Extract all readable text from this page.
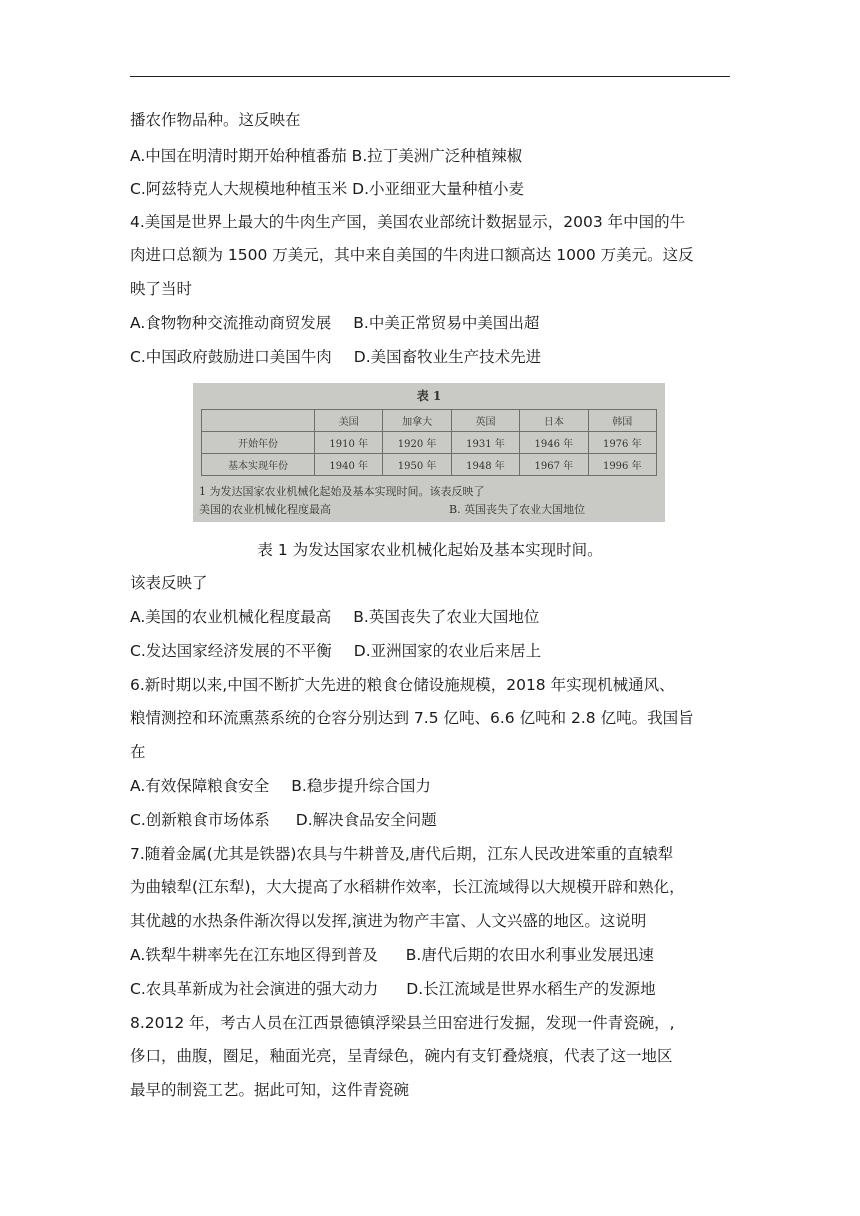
播农作物品种。这反映在
A.中国在明清时期开始种植番茄 B.拉丁美洲广泛种植辣椒
C.阿兹特克人大规模地种植玉米 D.小亚细亚大量种植小麦
4.美国是世界上最大的牛肉生产国，美国农业部统计数据显示，2003 年中国的牛
肉进口总额为 1500 万美元，其中来自美国的牛肉进口额高达 1000 万美元。这反
映了当时
A.食物物种交流推动商贸发展 B.中美正常贸易中美国出超
C.中国政府鼓励进口美国牛肉 D.美国畜牧业生产技术先进
表 1
	美国	加拿大	英国	日本	韩国
开始年份	1910 年	1920 年	1931 年	1946 年	1976 年
基本实现年份	1940 年	1950 年	1948 年	1967 年	1996 年
1 为发达国家农业机械化起始及基本实现时间。该表反映了
美国的农业机械化程度最高	B. 英国丧失了农业大国地位
表 1 为发达国家农业机械化起始及基本实现时间。
该表反映了
A.美国的农业机械化程度最高 B.英国丧失了农业大国地位
C.发达国家经济发展的不平衡 D.亚洲国家的农业后来居上
6.新时期以来,中国不断扩大先进的粮食仓储设施规模，2018 年实现机械通风、
粮情测控和环流熏蒸系统的仓容分别达到 7.5 亿吨、6.6 亿吨和 2.8 亿吨。我国旨
在
A.有效保障粮食安全 B.稳步提升综合国力
C.创新粮食市场体系 D.解决食品安全问题
7.随着金属(尤其是铁器)农具与牛耕普及,唐代后期，江东人民改进笨重的直辕犁
为曲辕犁(江东犁)，大大提高了水稻耕作效率，长江流域得以大规模开辟和熟化，
其优越的水热条件渐次得以发挥,演进为物产丰富、人文兴盛的地区。这说明
A.铁犁牛耕率先在江东地区得到普及 B.唐代后期的农田水利事业发展迅速
C.农具革新成为社会演进的强大动力 D.长江流域是世界水稻生产的发源地
8.2012 年，考古人员在江西景德镇浮梁县兰田窑进行发掘，发现一件青瓷碗，,
侈口，曲腹，圈足，釉面光亮，呈青绿色，碗内有支钉叠烧痕，代表了这一地区
最早的制瓷工艺。据此可知，这件青瓷碗
